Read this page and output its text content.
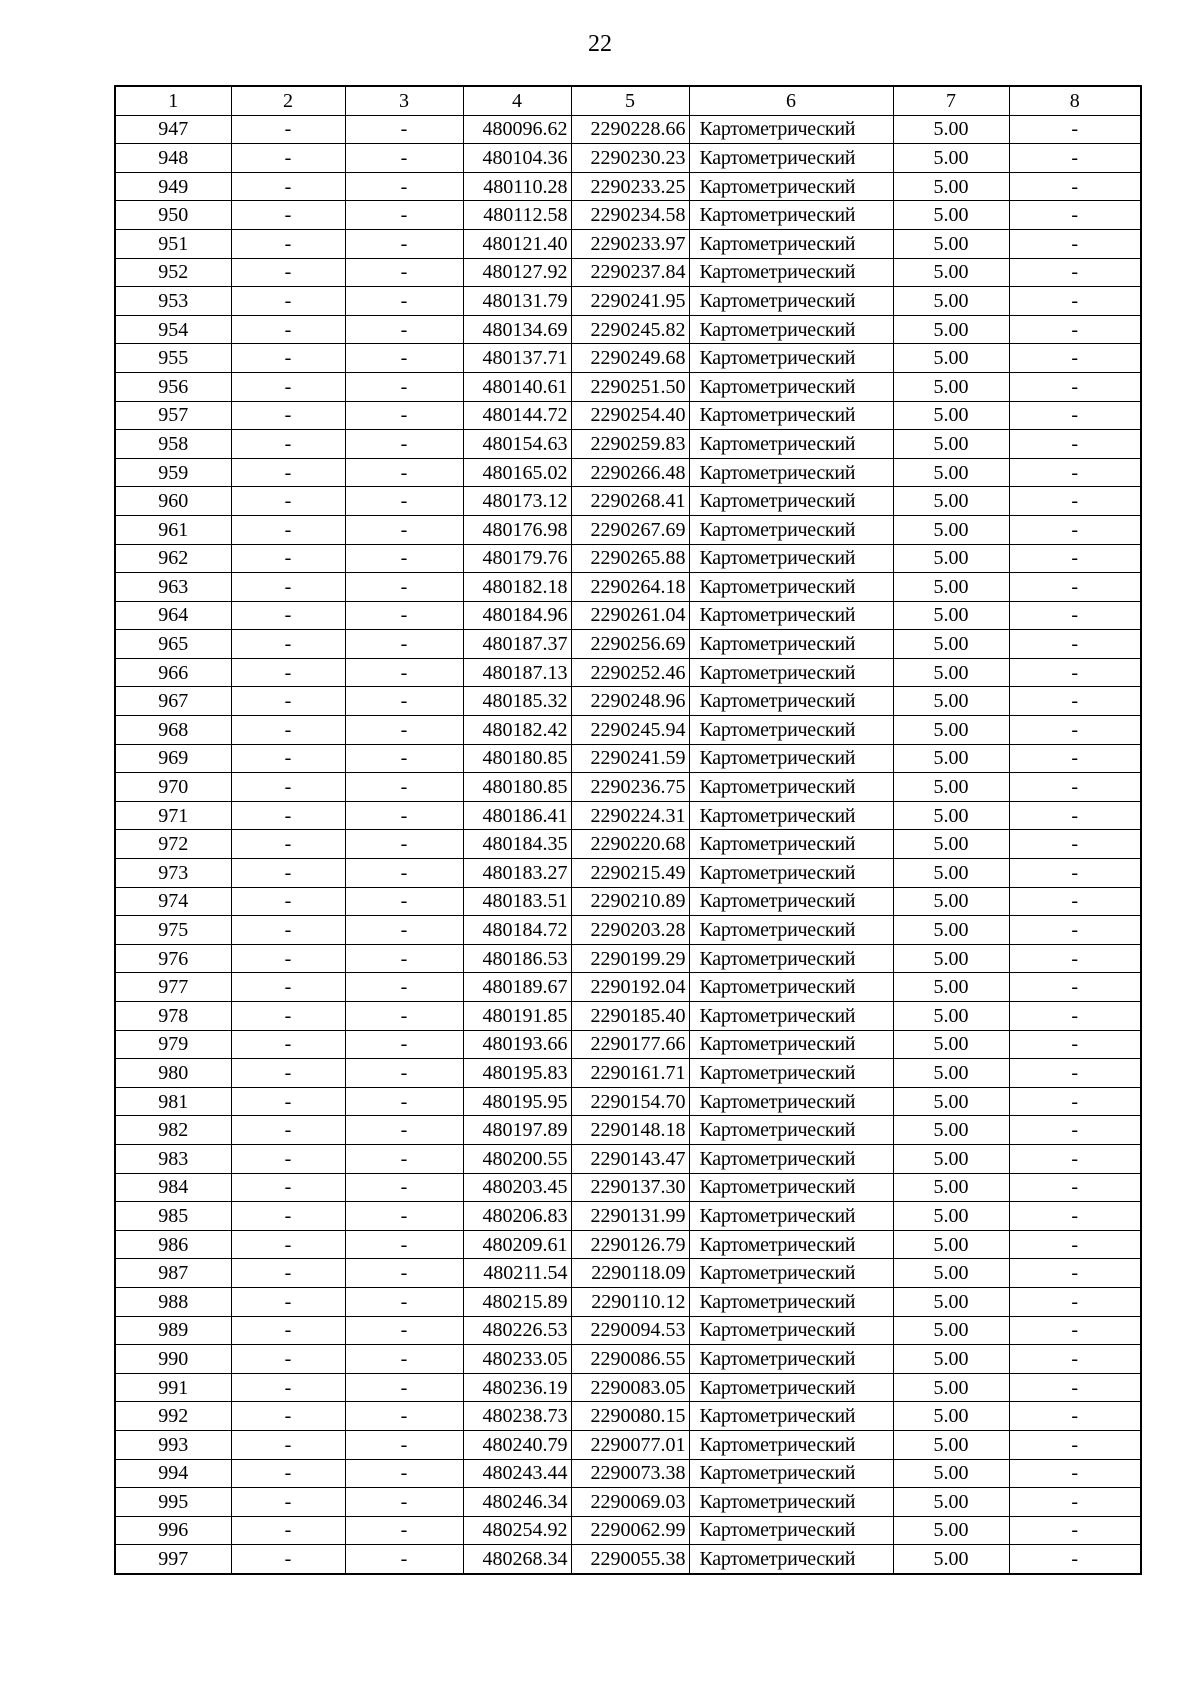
22
1	2	3	4	5	6	7	8
947	-	-	480096.62	2290228.66	Картометрический	5.00	-
948	-	-	480104.36	2290230.23	Картометрический	5.00	-
949	-	-	480110.28	2290233.25	Картометрический	5.00	-
950	-	-	480112.58	2290234.58	Картометрический	5.00	-
951	-	-	480121.40	2290233.97	Картометрический	5.00	-
952	-	-	480127.92	2290237.84	Картометрический	5.00	-
953	-	-	480131.79	2290241.95	Картометрический	5.00	-
954	-	-	480134.69	2290245.82	Картометрический	5.00	-
955	-	-	480137.71	2290249.68	Картометрический	5.00	-
956	-	-	480140.61	2290251.50	Картометрический	5.00	-
957	-	-	480144.72	2290254.40	Картометрический	5.00	-
958	-	-	480154.63	2290259.83	Картометрический	5.00	-
959	-	-	480165.02	2290266.48	Картометрический	5.00	-
960	-	-	480173.12	2290268.41	Картометрический	5.00	-
961	-	-	480176.98	2290267.69	Картометрический	5.00	-
962	-	-	480179.76	2290265.88	Картометрический	5.00	-
963	-	-	480182.18	2290264.18	Картометрический	5.00	-
964	-	-	480184.96	2290261.04	Картометрический	5.00	-
965	-	-	480187.37	2290256.69	Картометрический	5.00	-
966	-	-	480187.13	2290252.46	Картометрический	5.00	-
967	-	-	480185.32	2290248.96	Картометрический	5.00	-
968	-	-	480182.42	2290245.94	Картометрический	5.00	-
969	-	-	480180.85	2290241.59	Картометрический	5.00	-
970	-	-	480180.85	2290236.75	Картометрический	5.00	-
971	-	-	480186.41	2290224.31	Картометрический	5.00	-
972	-	-	480184.35	2290220.68	Картометрический	5.00	-
973	-	-	480183.27	2290215.49	Картометрический	5.00	-
974	-	-	480183.51	2290210.89	Картометрический	5.00	-
975	-	-	480184.72	2290203.28	Картометрический	5.00	-
976	-	-	480186.53	2290199.29	Картометрический	5.00	-
977	-	-	480189.67	2290192.04	Картометрический	5.00	-
978	-	-	480191.85	2290185.40	Картометрический	5.00	-
979	-	-	480193.66	2290177.66	Картометрический	5.00	-
980	-	-	480195.83	2290161.71	Картометрический	5.00	-
981	-	-	480195.95	2290154.70	Картометрический	5.00	-
982	-	-	480197.89	2290148.18	Картометрический	5.00	-
983	-	-	480200.55	2290143.47	Картометрический	5.00	-
984	-	-	480203.45	2290137.30	Картометрический	5.00	-
985	-	-	480206.83	2290131.99	Картометрический	5.00	-
986	-	-	480209.61	2290126.79	Картометрический	5.00	-
987	-	-	480211.54	2290118.09	Картометрический	5.00	-
988	-	-	480215.89	2290110.12	Картометрический	5.00	-
989	-	-	480226.53	2290094.53	Картометрический	5.00	-
990	-	-	480233.05	2290086.55	Картометрический	5.00	-
991	-	-	480236.19	2290083.05	Картометрический	5.00	-
992	-	-	480238.73	2290080.15	Картометрический	5.00	-
993	-	-	480240.79	2290077.01	Картометрический	5.00	-
994	-	-	480243.44	2290073.38	Картометрический	5.00	-
995	-	-	480246.34	2290069.03	Картометрический	5.00	-
996	-	-	480254.92	2290062.99	Картометрический	5.00	-
997	-	-	480268.34	2290055.38	Картометрический	5.00	-
